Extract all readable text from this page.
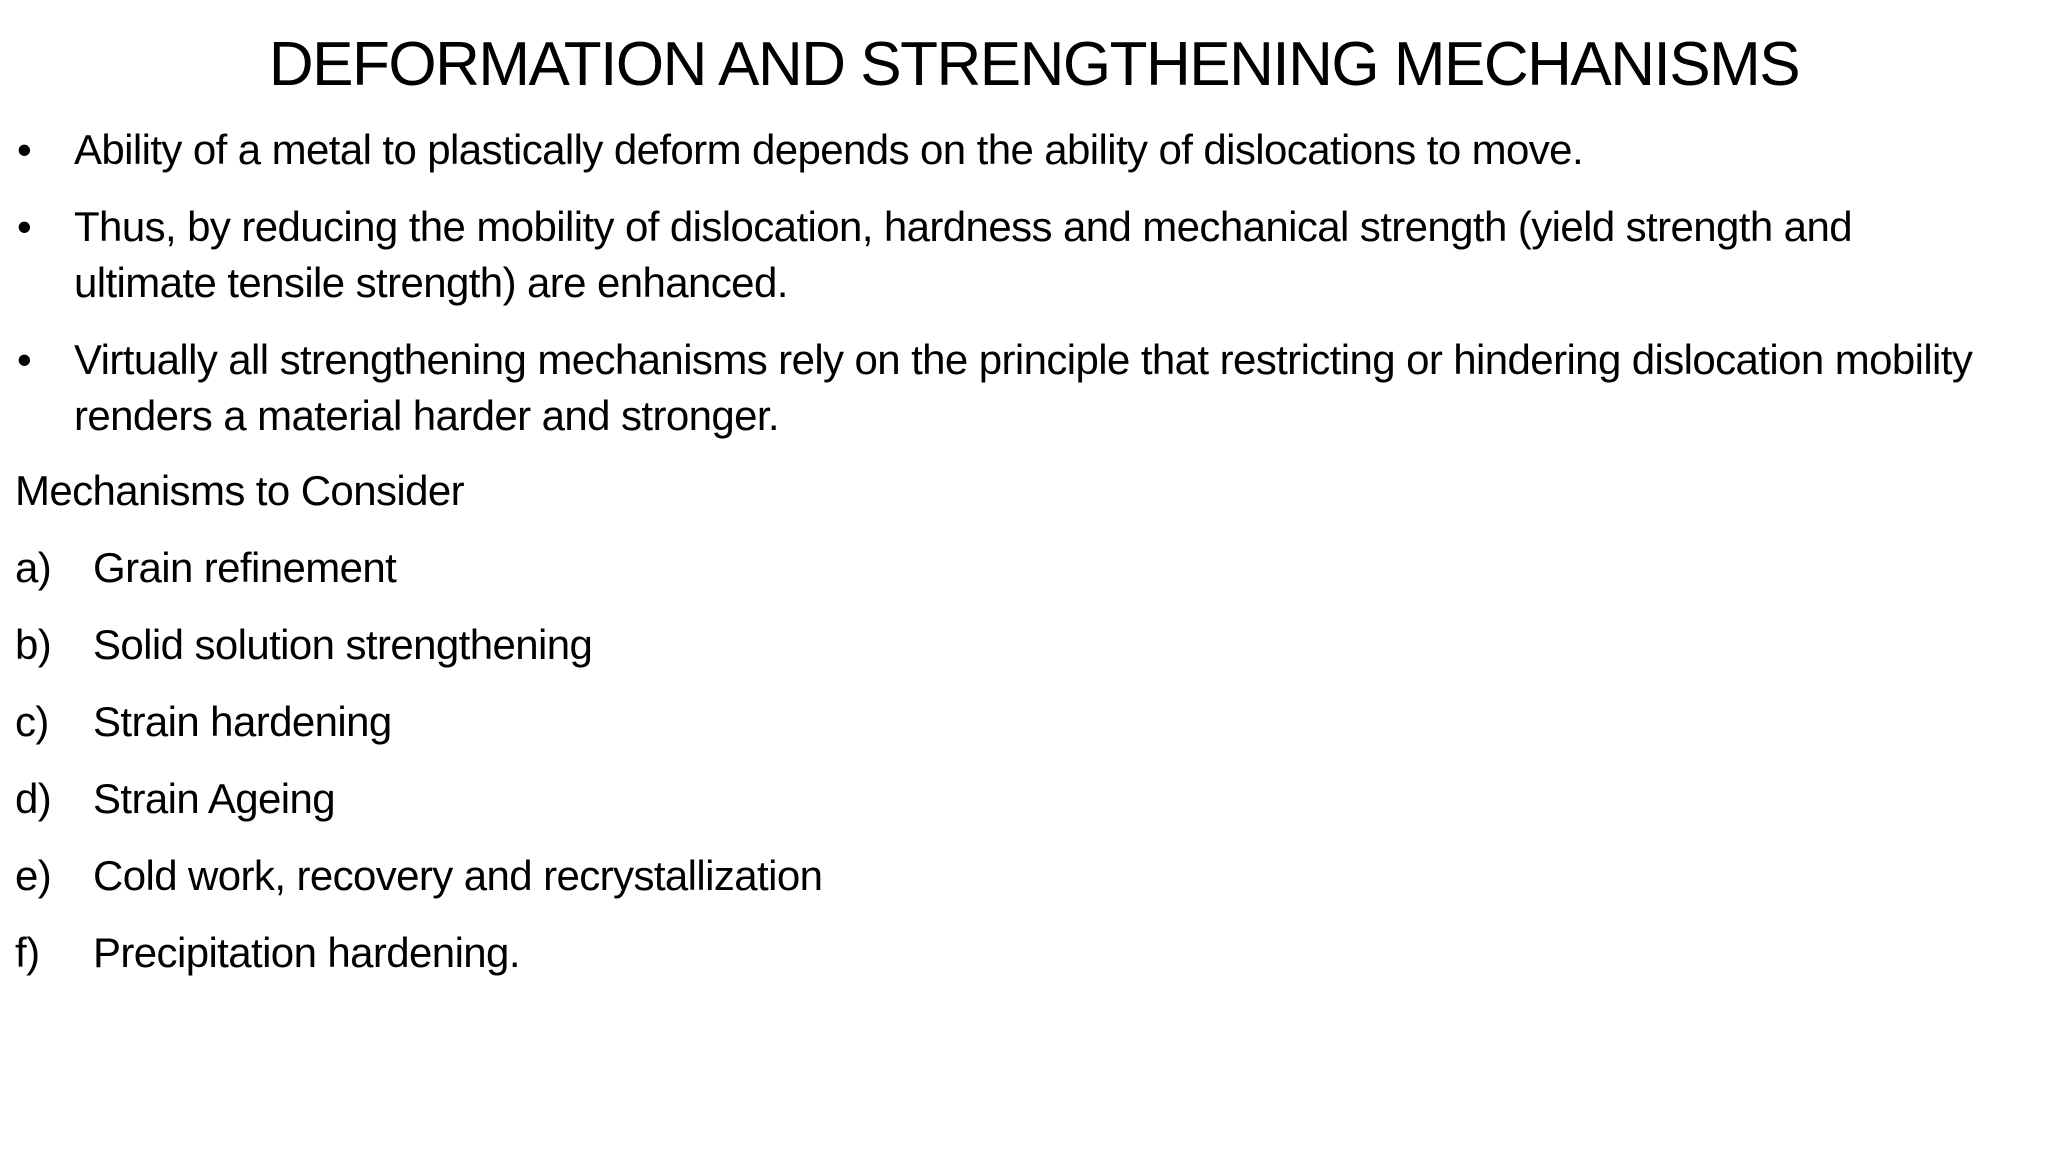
DEFORMATION AND STRENGTHENING MECHANISMS
•	Ability of a metal to plastically deform depends on the ability of dislocations to move.
•	Thus, by reducing the mobility of dislocation, hardness and mechanical strength (yield strength and ultimate tensile strength) are enhanced.
•	Virtually all strengthening mechanisms rely on the principle that restricting or hindering dislocation mobility renders a material harder and stronger.
Mechanisms to Consider
a) Grain refinement
b) Solid solution strengthening
c)	Strain hardening
d) Strain Ageing
e) Cold work, recovery and recrystallization
f)	Precipitation hardening.
